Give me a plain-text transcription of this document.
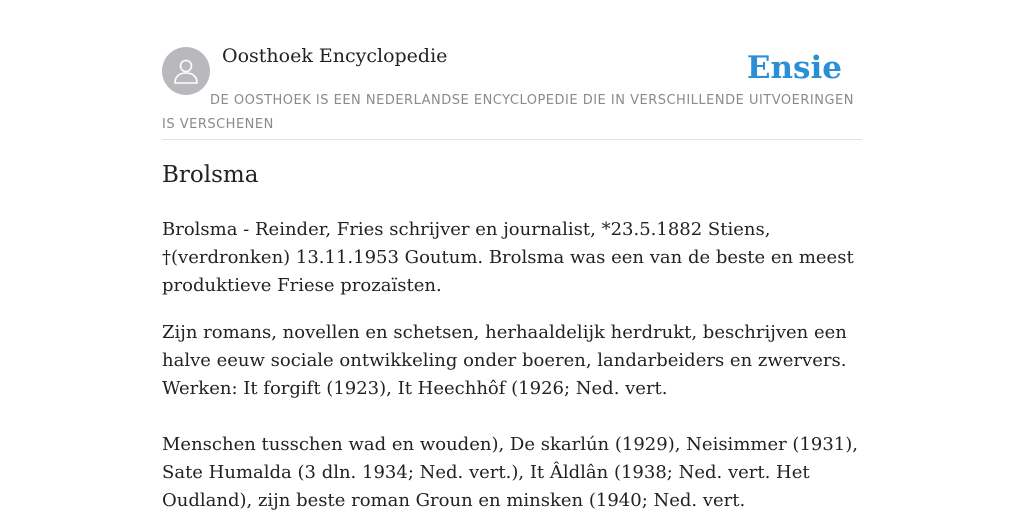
Oosthoek Encyclopedie	Ensie
DE OOSTHOEK IS EEN NEDERLANDSE ENCYCLOPEDIE DIE IN VERSCHILLENDE UITVOERINGEN IS VERSCHENEN
Brolsma

Brolsma - Reinder, Fries schrijver en journalist, *23.5.1882 Stiens, †(verdronken) 13.11.1953 Goutum. Brolsma was een van de beste en meest produktieve Friese prozaïsten.

Zijn romans, novellen en schetsen, herhaaldelijk herdrukt, beschrijven een halve eeuw sociale ontwikkeling onder boeren, landarbeiders en zwervers. Werken: It forgift (1923), It Heechhôf (1926; Ned. vert.

Menschen tusschen wad en wouden), De skarlún (1929), Neisimmer (1931), Sate Humalda (3 dln. 1934; Ned. vert.), It Âldlân (1938; Ned. vert. Het Oudland), zijn beste roman Groun en minsken (1940; Ned. vert.
